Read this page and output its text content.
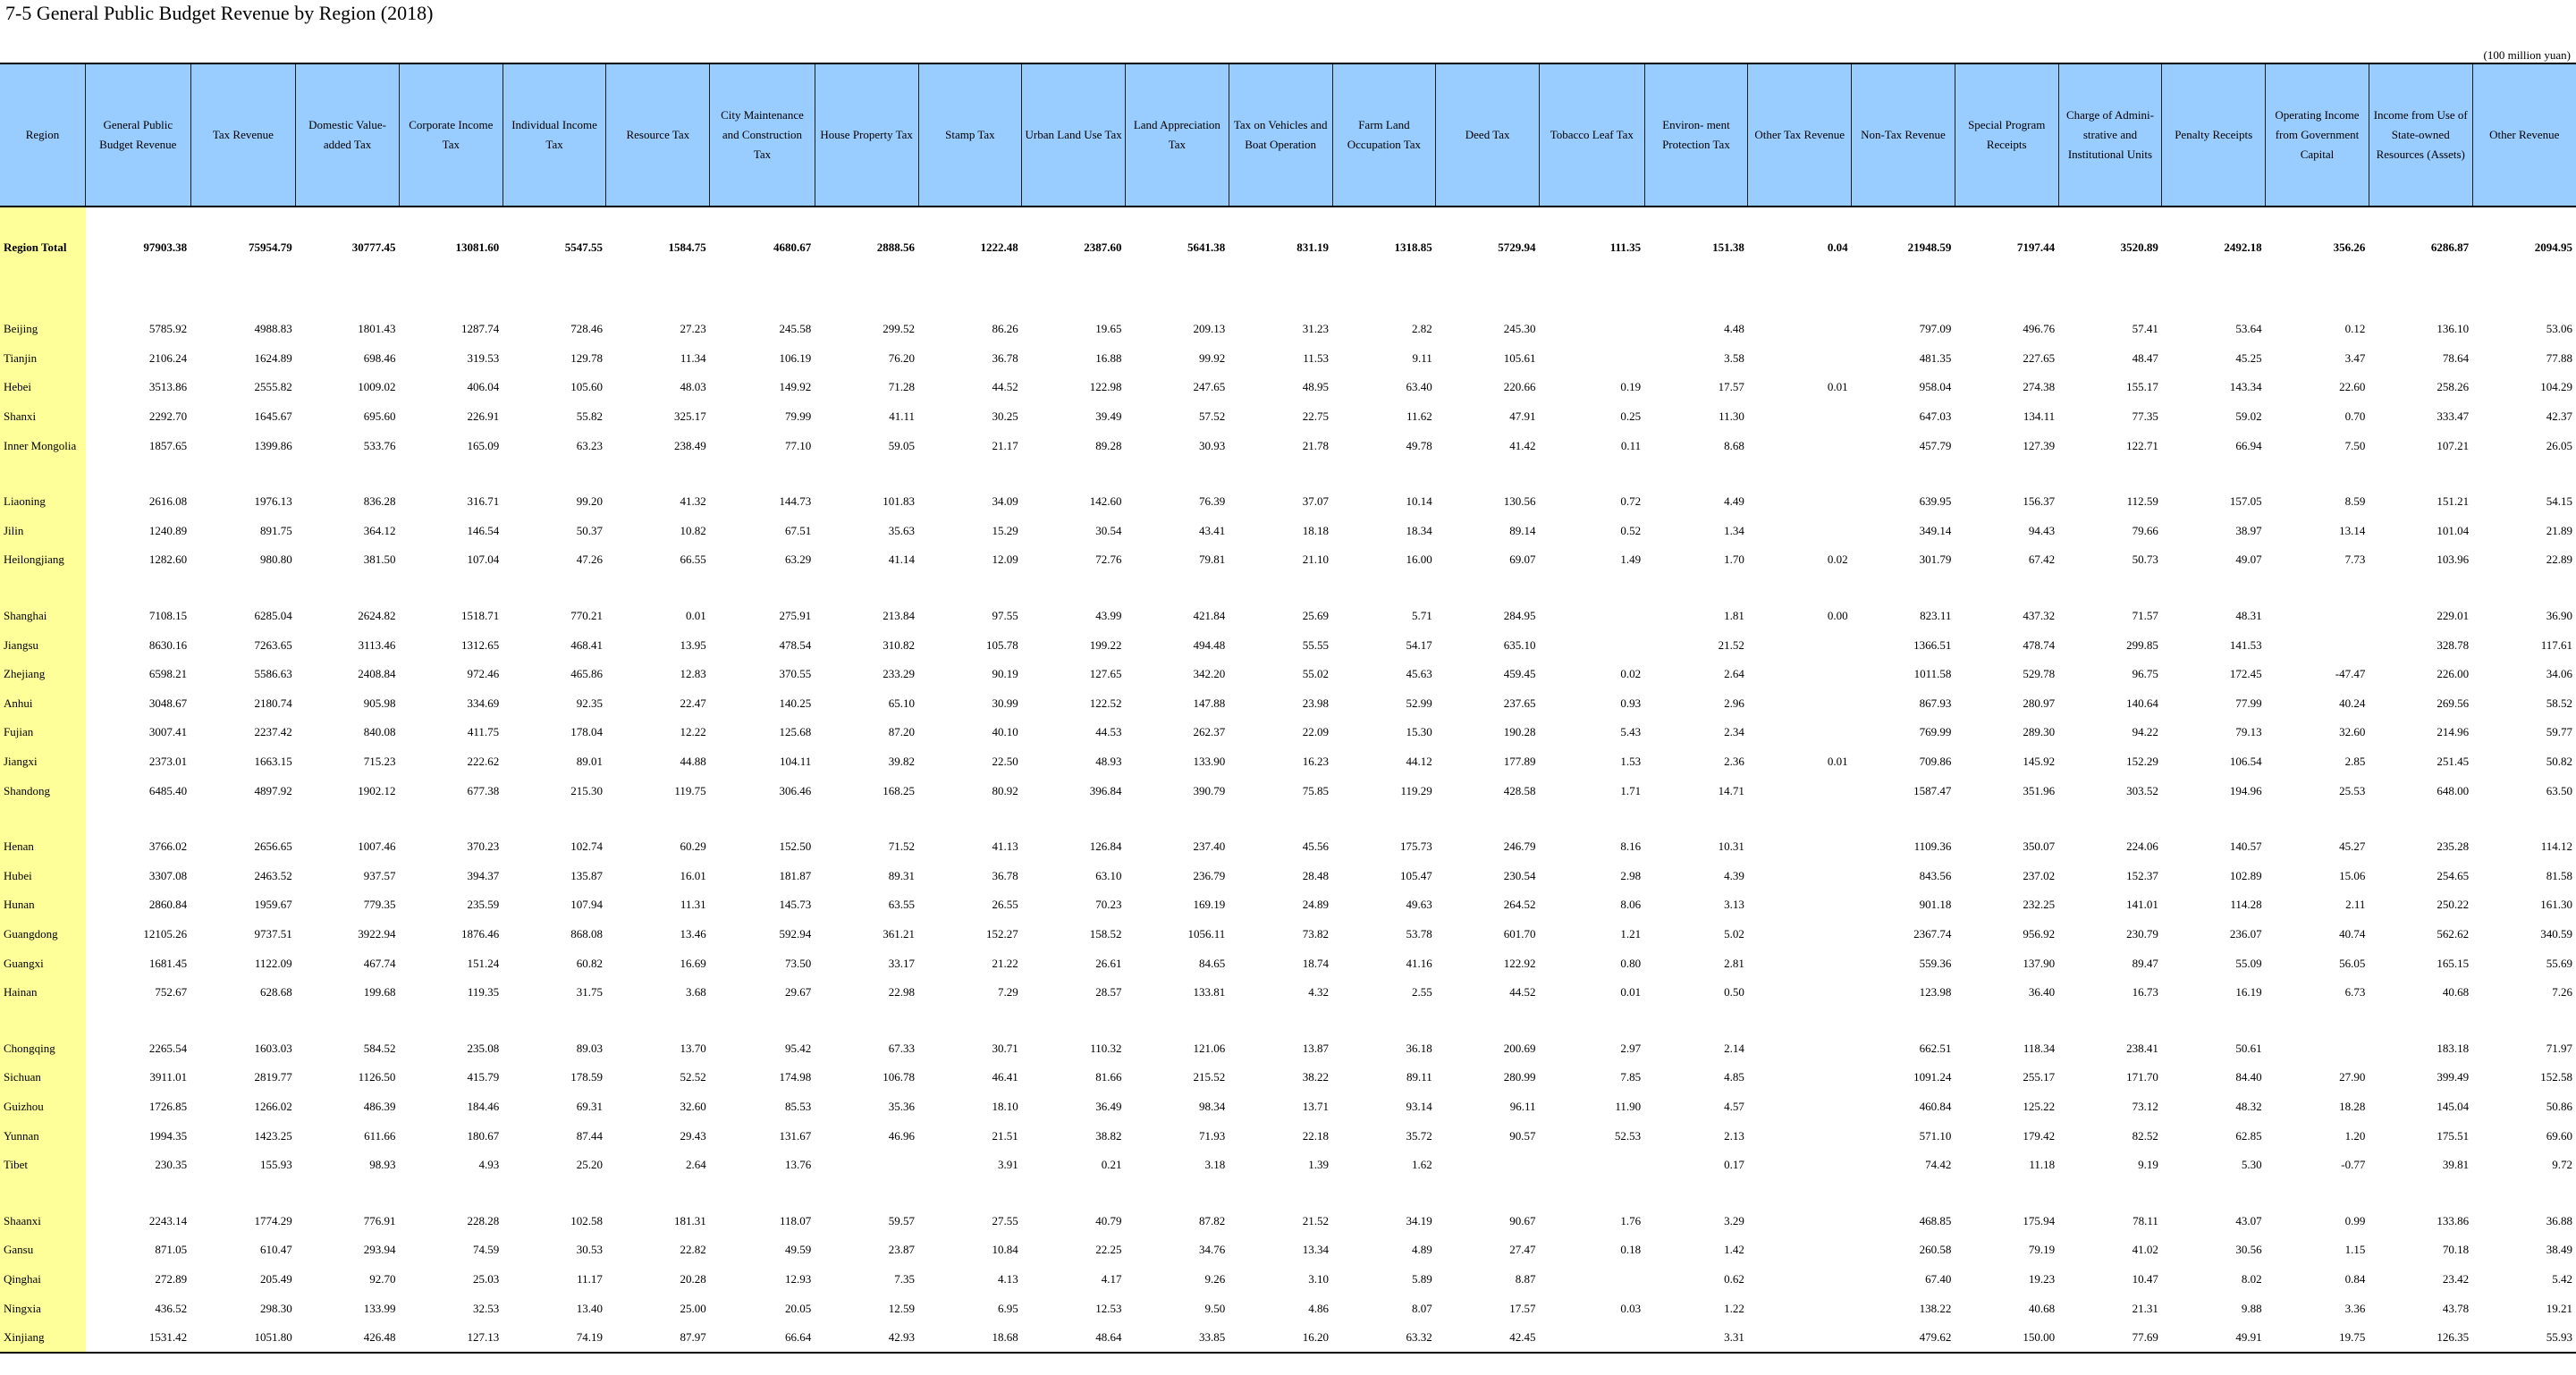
7-5 General Public Budget Revenue by Region (2018)
(100 million yuan)
Region	General Public Budget Revenue	Tax Revenue	Domestic Value-added Tax	Corporate Income Tax	Individual Income Tax	Resource Tax	City Maintenance and Construction Tax	House Property Tax	Stamp Tax	Urban Land Use Tax	Land Appreciation Tax	Tax on Vehicles and Boat Operation	Farm Land Occupation Tax	Deed Tax	Tobacco Leaf Tax	Environ- ment Protection Tax	Other Tax Revenue	Non-Tax Revenue	Special Program Receipts	Charge of Admini- strative and Institutional Units	Penalty Receipts	Operating Income from Government Capital	Income from Use of State-owned Resources (Assets)	Other Revenue
Region Total	97903.38	75954.79	30777.45	13081.60	5547.55	1584.75	4680.67	2888.56	1222.48	2387.60	5641.38	831.19	1318.85	5729.94	111.35	151.38	0.04	21948.59	7197.44	3520.89	2492.18	356.26	6286.87	2094.95

Beijing	5785.92	4988.83	1801.43	1287.74	728.46	27.23	245.58	299.52	86.26	19.65	209.13	31.23	2.82	245.30		4.48		797.09	496.76	57.41	53.64	0.12	136.10	53.06
Tianjin	2106.24	1624.89	698.46	319.53	129.78	11.34	106.19	76.20	36.78	16.88	99.92	11.53	9.11	105.61		3.58		481.35	227.65	48.47	45.25	3.47	78.64	77.88
Hebei	3513.86	2555.82	1009.02	406.04	105.60	48.03	149.92	71.28	44.52	122.98	247.65	48.95	63.40	220.66	0.19	17.57	0.01	958.04	274.38	155.17	143.34	22.60	258.26	104.29
Shanxi	2292.70	1645.67	695.60	226.91	55.82	325.17	79.99	41.11	30.25	39.49	57.52	22.75	11.62	47.91	0.25	11.30		647.03	134.11	77.35	59.02	0.70	333.47	42.37
Inner Mongolia	1857.65	1399.86	533.76	165.09	63.23	238.49	77.10	59.05	21.17	89.28	30.93	21.78	49.78	41.42	0.11	8.68		457.79	127.39	122.71	66.94	7.50	107.21	26.05

Liaoning	2616.08	1976.13	836.28	316.71	99.20	41.32	144.73	101.83	34.09	142.60	76.39	37.07	10.14	130.56	0.72	4.49		639.95	156.37	112.59	157.05	8.59	151.21	54.15
Jilin	1240.89	891.75	364.12	146.54	50.37	10.82	67.51	35.63	15.29	30.54	43.41	18.18	18.34	89.14	0.52	1.34		349.14	94.43	79.66	38.97	13.14	101.04	21.89
Heilongjiang	1282.60	980.80	381.50	107.04	47.26	66.55	63.29	41.14	12.09	72.76	79.81	21.10	16.00	69.07	1.49	1.70	0.02	301.79	67.42	50.73	49.07	7.73	103.96	22.89

Shanghai	7108.15	6285.04	2624.82	1518.71	770.21	0.01	275.91	213.84	97.55	43.99	421.84	25.69	5.71	284.95		1.81	0.00	823.11	437.32	71.57	48.31		229.01	36.90
Jiangsu	8630.16	7263.65	3113.46	1312.65	468.41	13.95	478.54	310.82	105.78	199.22	494.48	55.55	54.17	635.10		21.52		1366.51	478.74	299.85	141.53		328.78	117.61
Zhejiang	6598.21	5586.63	2408.84	972.46	465.86	12.83	370.55	233.29	90.19	127.65	342.20	55.02	45.63	459.45	0.02	2.64		1011.58	529.78	96.75	172.45	-47.47	226.00	34.06
Anhui	3048.67	2180.74	905.98	334.69	92.35	22.47	140.25	65.10	30.99	122.52	147.88	23.98	52.99	237.65	0.93	2.96		867.93	280.97	140.64	77.99	40.24	269.56	58.52
Fujian	3007.41	2237.42	840.08	411.75	178.04	12.22	125.68	87.20	40.10	44.53	262.37	22.09	15.30	190.28	5.43	2.34		769.99	289.30	94.22	79.13	32.60	214.96	59.77
Jiangxi	2373.01	1663.15	715.23	222.62	89.01	44.88	104.11	39.82	22.50	48.93	133.90	16.23	44.12	177.89	1.53	2.36	0.01	709.86	145.92	152.29	106.54	2.85	251.45	50.82
Shandong	6485.40	4897.92	1902.12	677.38	215.30	119.75	306.46	168.25	80.92	396.84	390.79	75.85	119.29	428.58	1.71	14.71		1587.47	351.96	303.52	194.96	25.53	648.00	63.50

Henan	3766.02	2656.65	1007.46	370.23	102.74	60.29	152.50	71.52	41.13	126.84	237.40	45.56	175.73	246.79	8.16	10.31		1109.36	350.07	224.06	140.57	45.27	235.28	114.12
Hubei	3307.08	2463.52	937.57	394.37	135.87	16.01	181.87	89.31	36.78	63.10	236.79	28.48	105.47	230.54	2.98	4.39		843.56	237.02	152.37	102.89	15.06	254.65	81.58
Hunan	2860.84	1959.67	779.35	235.59	107.94	11.31	145.73	63.55	26.55	70.23	169.19	24.89	49.63	264.52	8.06	3.13		901.18	232.25	141.01	114.28	2.11	250.22	161.30
Guangdong	12105.26	9737.51	3922.94	1876.46	868.08	13.46	592.94	361.21	152.27	158.52	1056.11	73.82	53.78	601.70	1.21	5.02		2367.74	956.92	230.79	236.07	40.74	562.62	340.59
Guangxi	1681.45	1122.09	467.74	151.24	60.82	16.69	73.50	33.17	21.22	26.61	84.65	18.74	41.16	122.92	0.80	2.81		559.36	137.90	89.47	55.09	56.05	165.15	55.69
Hainan	752.67	628.68	199.68	119.35	31.75	3.68	29.67	22.98	7.29	28.57	133.81	4.32	2.55	44.52	0.01	0.50		123.98	36.40	16.73	16.19	6.73	40.68	7.26

Chongqing	2265.54	1603.03	584.52	235.08	89.03	13.70	95.42	67.33	30.71	110.32	121.06	13.87	36.18	200.69	2.97	2.14		662.51	118.34	238.41	50.61		183.18	71.97
Sichuan	3911.01	2819.77	1126.50	415.79	178.59	52.52	174.98	106.78	46.41	81.66	215.52	38.22	89.11	280.99	7.85	4.85		1091.24	255.17	171.70	84.40	27.90	399.49	152.58
Guizhou	1726.85	1266.02	486.39	184.46	69.31	32.60	85.53	35.36	18.10	36.49	98.34	13.71	93.14	96.11	11.90	4.57		460.84	125.22	73.12	48.32	18.28	145.04	50.86
Yunnan	1994.35	1423.25	611.66	180.67	87.44	29.43	131.67	46.96	21.51	38.82	71.93	22.18	35.72	90.57	52.53	2.13		571.10	179.42	82.52	62.85	1.20	175.51	69.60
Tibet	230.35	155.93	98.93	4.93	25.20	2.64	13.76		3.91	0.21	3.18	1.39	1.62			0.17		74.42	11.18	9.19	5.30	-0.77	39.81	9.72

Shaanxi	2243.14	1774.29	776.91	228.28	102.58	181.31	118.07	59.57	27.55	40.79	87.82	21.52	34.19	90.67	1.76	3.29		468.85	175.94	78.11	43.07	0.99	133.86	36.88
Gansu	871.05	610.47	293.94	74.59	30.53	22.82	49.59	23.87	10.84	22.25	34.76	13.34	4.89	27.47	0.18	1.42		260.58	79.19	41.02	30.56	1.15	70.18	38.49
Qinghai	272.89	205.49	92.70	25.03	11.17	20.28	12.93	7.35	4.13	4.17	9.26	3.10	5.89	8.87		0.62		67.40	19.23	10.47	8.02	0.84	23.42	5.42
Ningxia	436.52	298.30	133.99	32.53	13.40	25.00	20.05	12.59	6.95	12.53	9.50	4.86	8.07	17.57	0.03	1.22		138.22	40.68	21.31	9.88	3.36	43.78	19.21
Xinjiang	1531.42	1051.80	426.48	127.13	74.19	87.97	66.64	42.93	18.68	48.64	33.85	16.20	63.32	42.45		3.31		479.62	150.00	77.69	49.91	19.75	126.35	55.93
